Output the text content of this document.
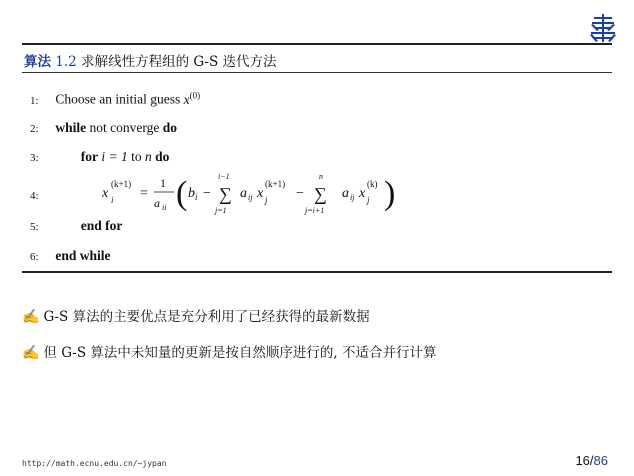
算法 1.2 求解线性方程组的 G-S 迭代方法
1: Choose an initial guess $x^{(0)}$
2: while not converge do
3:	for i = 1 to n do
4:	x
(k+1)
i =
1
a ii ( b i − ∑
i−1
j=1
a ij x
(k+1)
j − ∑
n
j=i+1
a ij x
(k)
j )
5:	end for
6: end while
✍ G-S 算法的主要优点是充分利用了已经获得的最新数据
✍ 但 G-S 算法中未知量的更新是按自然顺序进行的, 不适合并行计算
http://math.ecnu.edu.cn/~jypan	16/86
